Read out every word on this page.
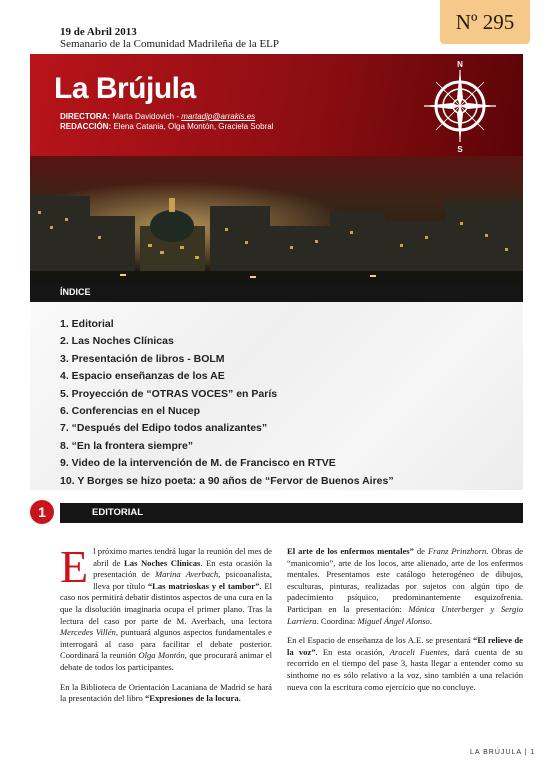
19 de Abril 2013
Semanario de la Comunidad Madrileña de la ELP
Nº 295
La Brújula
DIRECTORA: Marta Davidovich - martadjp@arrakis.es
REDACCIÓN: Elena Catania, Olga Montón, Graciela Sobral
N
S
ÍNDICE
1. Editorial
2. Las Noches Clínicas
3. Presentación de libros - BOLM
4. Espacio enseñanzas de los AE
5. Proyección de “OTRAS VOCES” en París
6. Conferencias en el Nucep
7. “Después del Edipo todos analizantes”
8. “En la frontera siempre”
9. Video de la intervención de M. de Francisco en RTVE
10. Y Borges se hizo poeta: a 90 años de “Fervor de Buenos Aires”
1	EDITORIAL

El próximo martes tendrá lugar la reunión del mes de abril de Las Noches Clínicas. En esta ocasión la presentación de Marina Averbach, psicoanalista, lleva por título “Las matrioskas y el tambor”. El caso nos permitirá debatir distintos aspectos de una cura en la que la disolución imaginaria ocupa el primer plano. Tras la lectura del caso por parte de M. Averbach, una lectora Mercedes Villén, puntuará algunos aspectos fundamentales e interrogará al caso para facilitar el debate posterior. Coordinará la reunión Olga Montón, que procurará animar el debate de todos los participantes.

En la Biblioteca de Orientación Lacaniana de Madrid se hará la presentación del libro “Expresiones de la locura.

El arte de los enfermos mentales” de Franz Prinzhorn. Obras de “manicomio”, arte de los locos, arte alienado, arte de los enfermos mentales. Presentamos este catálogo heterogéneo de dibujos, esculturas, pinturas, realizadas por sujetos con algún tipo de padecimiento psíquico, predominantemente esquizofrenia. Participan en la presentación: Mónica Unterberger y Sergio Larriera. Coordina: Miguel Ángel Alonso.

En el Espacio de enseñanza de los A.E. se presentará “El relieve de la voz”. En esta ocasión, Araceli Fuentes, dará cuenta de su recorrido en el tiempo del pase 3, hasta llegar a entender como su sinthome no es sólo relativo a la voz, sino también a una relación nueva con la escritura como ejercicio que no concluye.

LA BRÚJULA | 1
